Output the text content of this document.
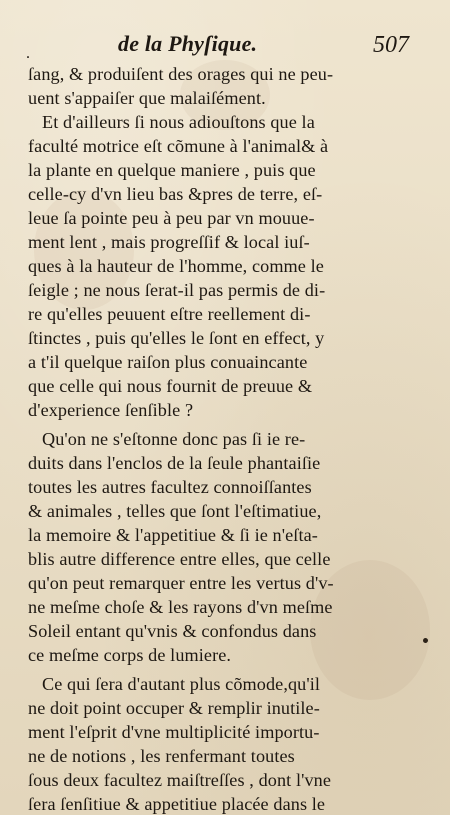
.	de la Phyſique.	507
ſang, & produiſent des orages qui ne peu-
uent s'appaiſer que malaiſément.
Et d'ailleurs ſi nous adiouſtons que la
faculté motrice eſt cõmune à l'animal& à
la plante en quelque maniere , puis que
celle-cy d'vn lieu bas &pres de terre, eſ-
leue ſa pointe peu à peu par vn mouue-
ment lent , mais progreſſif & local iuſ-
ques à la hauteur de l'homme, comme le
ſeigle ; ne nous ſerat-il pas permis de di-
re qu'elles peuuent eſtre reellement di-
ſtinctes , puis qu'elles le ſont en effect, y
a t'il quelque raiſon plus conuaincante
que celle qui nous fournit de preuue &
d'experience ſenſible ?
Qu'on ne s'eſtonne donc pas ſi ie re-
duits dans l'enclos de la ſeule phantaiſie
toutes les autres facultez connoiſſantes
& animales , telles que ſont l'eſtimatiue,
la memoire & l'appetitiue & ſi ie n'eſta-
blis autre difference entre elles, que celle
qu'on peut remarquer entre les vertus d'v-
ne meſme choſe & les rayons d'vn meſme
Soleil entant qu'vnis & confondus dans
ce meſme corps de lumiere.
Ce qui ſera d'autant plus cõmode,qu'il
ne doit point occuper & remplir inutile-
ment l'eſprit d'vne multiplicité importu-
ne de notions , les renfermant toutes
ſous deux facultez maiſtreſſes , dont l'vne
ſera ſenſitiue & appetitiue placée dans le
